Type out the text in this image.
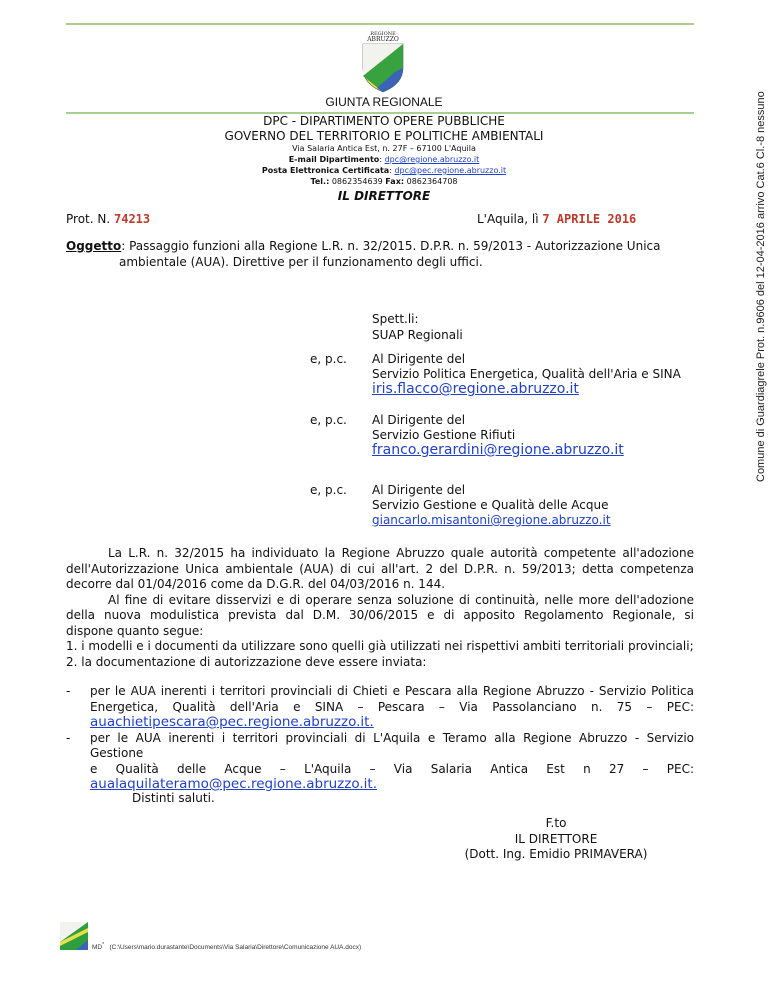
REGIONE
ABRUZZO
GIUNTA REGIONALE
DPC - DIPARTIMENTO OPERE PUBBLICHE
GOVERNO DEL TERRITORIO E POLITICHE AMBIENTALI
Via Salaria Antica Est, n. 27F – 67100 L'Aquila
E-mail Dipartimento: dpc@regione.abruzzo.it
Posta Elettronica Certificata: dpc@pec.regione.abruzzo.it
Tel.: 0862354639 Fax: 0862364708
IL DIRETTORE
Prot. N. 74213	L'Aquila, lì 7 APRILE 2016
Oggetto: Passaggio funzioni alla Regione L.R. n. 32/2015. D.P.R. n. 59/2013 - Autorizzazione Unica
ambientale (AUA). Direttive per il funzionamento degli uffici.
Spett.li:
SUAP Regionali
e, p.c. Al Dirigente del
Servizio Politica Energetica, Qualità dell'Aria e SINA
iris.flacco@regione.abruzzo.it
e, p.c. Al Dirigente del
Servizio Gestione Rifiuti
franco.gerardini@regione.abruzzo.it
e, p.c. Al Dirigente del
Servizio Gestione e Qualità delle Acque
giancarlo.misantoni@regione.abruzzo.it
La L.R. n. 32/2015 ha individuato la Regione Abruzzo quale autorità competente all'adozione
dell'Autorizzazione Unica ambientale (AUA) di cui all'art. 2 del D.P.R. n. 59/2013; detta competenza
decorre dal 01/04/2016 come da D.G.R. del 04/03/2016 n. 144.
Al fine di evitare disservizi e di operare senza soluzione di continuità, nelle more dell'adozione
della nuova modulistica prevista dal D.M. 30/06/2015 e di apposito Regolamento Regionale, si
dispone quanto segue:
1. i modelli e i documenti da utilizzare sono quelli già utilizzati nei rispettivi ambiti territoriali provinciali;
2. la documentazione di autorizzazione deve essere inviata:
- per le AUA inerenti i territori provinciali di Chieti e Pescara alla Regione Abruzzo - Servizio Politica
Energetica, Qualità dell'Aria e SINA – Pescara – Via Passolanciano n. 75 – PEC:
auachietipescara@pec.regione.abruzzo.it.
- per le AUA inerenti i territori provinciali di L'Aquila e Teramo alla Regione Abruzzo - Servizio Gestione
e Qualità delle Acque – L'Aquila – Via Salaria Antica Est n 27 – PEC:
aualaquilateramo@pec.regione.abruzzo.it.
Distinti saluti.
F.to
IL DIRETTORE
(Dott. Ing. Emidio PRIMAVERA)
MD* (C:\Users\mario.durastante\Documents\Via Salaria\Direttore\Comunicazione AUA.docx)
Comune di Guardiagrele Prot. n.9606 del 12-04-2016 arrivo Cat.6 Cl.-8 nessuno
